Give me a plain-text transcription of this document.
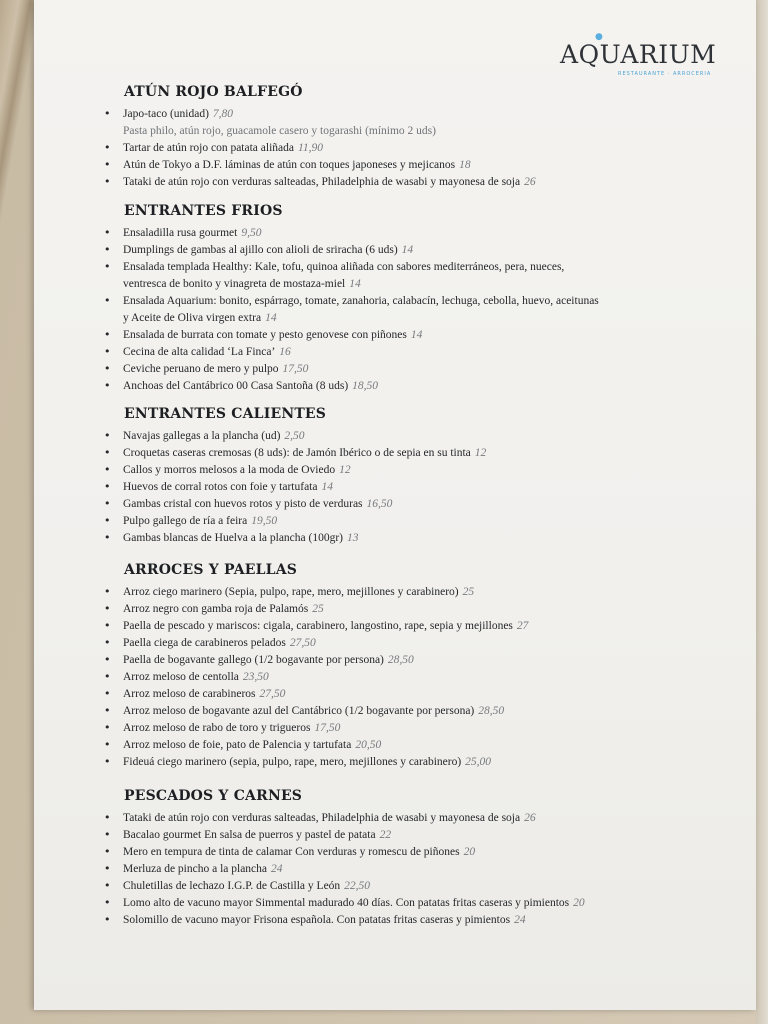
●
AQUARIUM
RESTAURANTE · ARROCERIA
ATÚN ROJO BALFEGÓ
• Japo-taco (unidad) 7,80
Pasta philo, atún rojo, guacamole casero y togarashi (mínimo 2 uds)
• Tartar de atún rojo con patata aliñada 11,90
• Atún de Tokyo a D.F. láminas de atún con toques japoneses y mejicanos 18
• Tataki de atún rojo con verduras salteadas, Philadelphia de wasabi y mayonesa de soja 26
ENTRANTES FRIOS
• Ensaladilla rusa gourmet 9,50
• Dumplings de gambas al ajillo con alioli de sriracha (6 uds) 14
• Ensalada templada Healthy: Kale, tofu, quinoa aliñada con sabores mediterráneos, pera, nueces,
ventresca de bonito y vinagreta de mostaza-miel 14
• Ensalada Aquarium: bonito, espárrago, tomate, zanahoria, calabacín, lechuga, cebolla, huevo, aceitunas
y Aceite de Oliva virgen extra 14
• Ensalada de burrata con tomate y pesto genovese con piñones 14
• Cecina de alta calidad ‘La Finca’ 16
• Ceviche peruano de mero y pulpo 17,50
• Anchoas del Cantábrico 00 Casa Santoña (8 uds) 18,50
ENTRANTES CALIENTES
• Navajas gallegas a la plancha (ud) 2,50
• Croquetas caseras cremosas (8 uds): de Jamón Ibérico o de sepia en su tinta 12
• Callos y morros melosos a la moda de Oviedo 12
• Huevos de corral rotos con foie y tartufata 14
• Gambas cristal con huevos rotos y pisto de verduras 16,50
• Pulpo gallego de ría a feira 19,50
• Gambas blancas de Huelva a la plancha (100gr) 13
ARROCES Y PAELLAS
• Arroz ciego marinero (Sepia, pulpo, rape, mero, mejillones y carabinero) 25
• Arroz negro con gamba roja de Palamós 25
• Paella de pescado y mariscos: cigala, carabinero, langostino, rape, sepia y mejillones 27
• Paella ciega de carabineros pelados 27,50
• Paella de bogavante gallego (1/2 bogavante por persona) 28,50
• Arroz meloso de centolla 23,50
• Arroz meloso de carabineros 27,50
• Arroz meloso de bogavante azul del Cantábrico (1/2 bogavante por persona) 28,50
• Arroz meloso de rabo de toro y trigueros 17,50
• Arroz meloso de foie, pato de Palencia y tartufata 20,50
• Fideuá ciego marinero (sepia, pulpo, rape, mero, mejillones y carabinero) 25,00
PESCADOS Y CARNES
• Tataki de atún rojo con verduras salteadas, Philadelphia de wasabi y mayonesa de soja 26
• Bacalao gourmet En salsa de puerros y pastel de patata 22
• Mero en tempura de tinta de calamar Con verduras y romescu de piñones 20
• Merluza de pincho a la plancha 24
• Chuletillas de lechazo I.G.P. de Castilla y León 22,50
• Lomo alto de vacuno mayor Simmental madurado 40 días. Con patatas fritas caseras y pimientos 20
• Solomillo de vacuno mayor Frisona española. Con patatas fritas caseras y pimientos 24
